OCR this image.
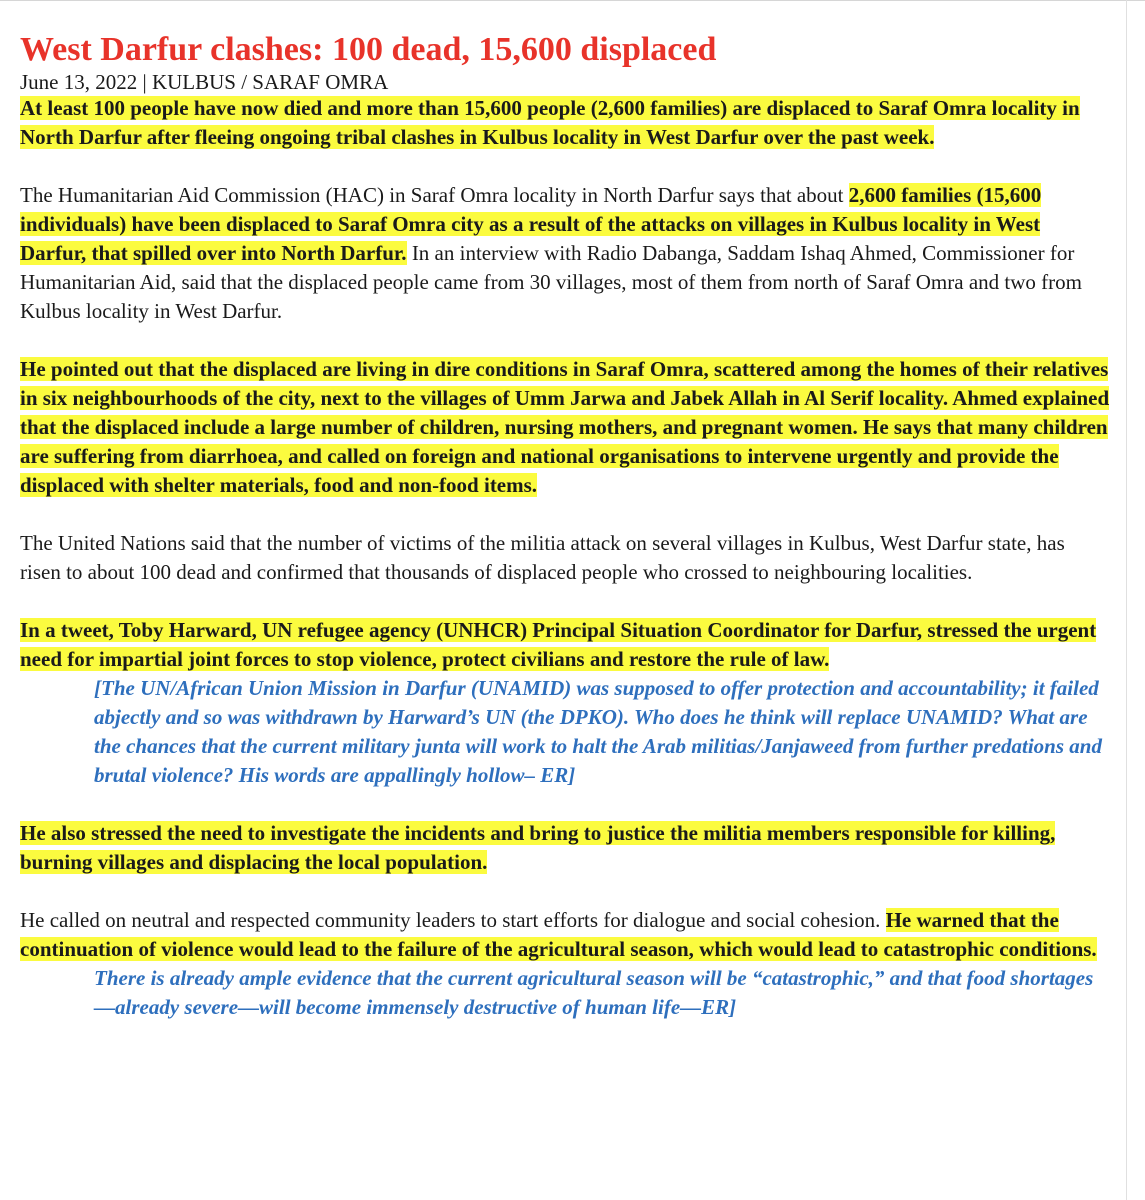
West Darfur clashes: 100 dead, 15,600 displaced

June 13, 2022 | KULBUS / SARAF OMRA

At least 100 people have now died and more than 15,600 people (2,600 families) are displaced to Saraf Omra locality in North Darfur after fleeing ongoing tribal clashes in Kulbus locality in West Darfur over the past week.

The Humanitarian Aid Commission (HAC) in Saraf Omra locality in North Darfur says that about 2,600 families (15,600 individuals) have been displaced to Saraf Omra city as a result of the attacks on villages in Kulbus locality in West Darfur, that spilled over into North Darfur. In an interview with Radio Dabanga, Saddam Ishaq Ahmed, Commissioner for Humanitarian Aid, said that the displaced people came from 30 villages, most of them from north of Saraf Omra and two from Kulbus locality in West Darfur.

He pointed out that the displaced are living in dire conditions in Saraf Omra, scattered among the homes of their relatives in six neighbourhoods of the city, next to the villages of Umm Jarwa and Jabek Allah in Al Serif locality. Ahmed explained that the displaced include a large number of children, nursing mothers, and pregnant women. He says that many children are suffering from diarrhoea, and called on foreign and national organisations to intervene urgently and provide the displaced with shelter materials, food and non-food items.

The United Nations said that the number of victims of the militia attack on several villages in Kulbus, West Darfur state, has risen to about 100 dead and confirmed that thousands of displaced people who crossed to neighbouring localities.

In a tweet, Toby Harward, UN refugee agency (UNHCR) Principal Situation Coordinator for Darfur, stressed the urgent need for impartial joint forces to stop violence, protect civilians and restore the rule of law.

[The UN/African Union Mission in Darfur (UNAMID) was supposed to offer protection and accountability; it failed abjectly and so was withdrawn by Harward’s UN (the DPKO). Who does he think will replace UNAMID? What are the chances that the current military junta will work to halt the Arab militias/Janjaweed from further predations and brutal violence? His words are appallingly hollow– ER]

He also stressed the need to investigate the incidents and bring to justice the militia members responsible for killing, burning villages and displacing the local population.

He called on neutral and respected community leaders to start efforts for dialogue and social cohesion. He warned that the continuation of violence would lead to the failure of the agricultural season, which would lead to catastrophic conditions.

There is already ample evidence that the current agricultural season will be “catastrophic,” and that food shortages—already severe—will become immensely destructive of human life—ER]
